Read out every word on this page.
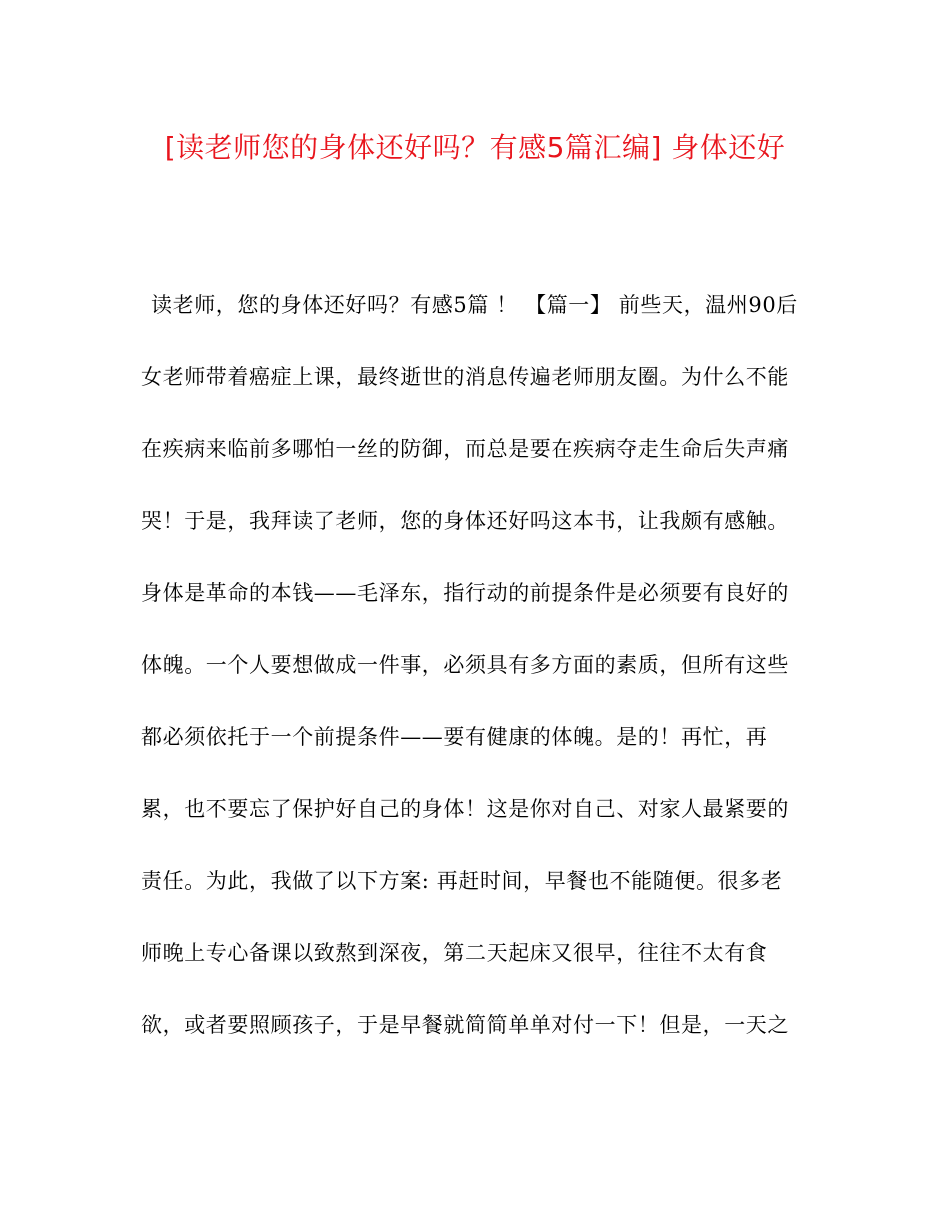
[读老师您的身体还好吗？有感5篇汇编] 身体还好
读老师，您的身体还好吗？有感5篇 ！ 【篇一】 前些天，温州90后
女老师带着癌症上课，最终逝世的消息传遍老师朋友圈。为什么不能
在疾病来临前多哪怕一丝的防御，而总是要在疾病夺走生命后失声痛
哭！于是，我拜读了老师，您的身体还好吗这本书，让我颇有感触。
身体是革命的本钱——毛泽东，指行动的前提条件是必须要有良好的
体魄。一个人要想做成一件事，必须具有多方面的素质，但所有这些
都必须依托于一个前提条件——要有健康的体魄。是的！再忙，再
累，也不要忘了保护好自己的身体！这是你对自己、对家人最紧要的
责任。为此，我做了以下方案: 再赶时间，早餐也不能随便。很多老
师晚上专心备课以致熬到深夜，第二天起床又很早，往往不太有食
欲，或者要照顾孩子，于是早餐就简简单单对付一下！但是，一天之
